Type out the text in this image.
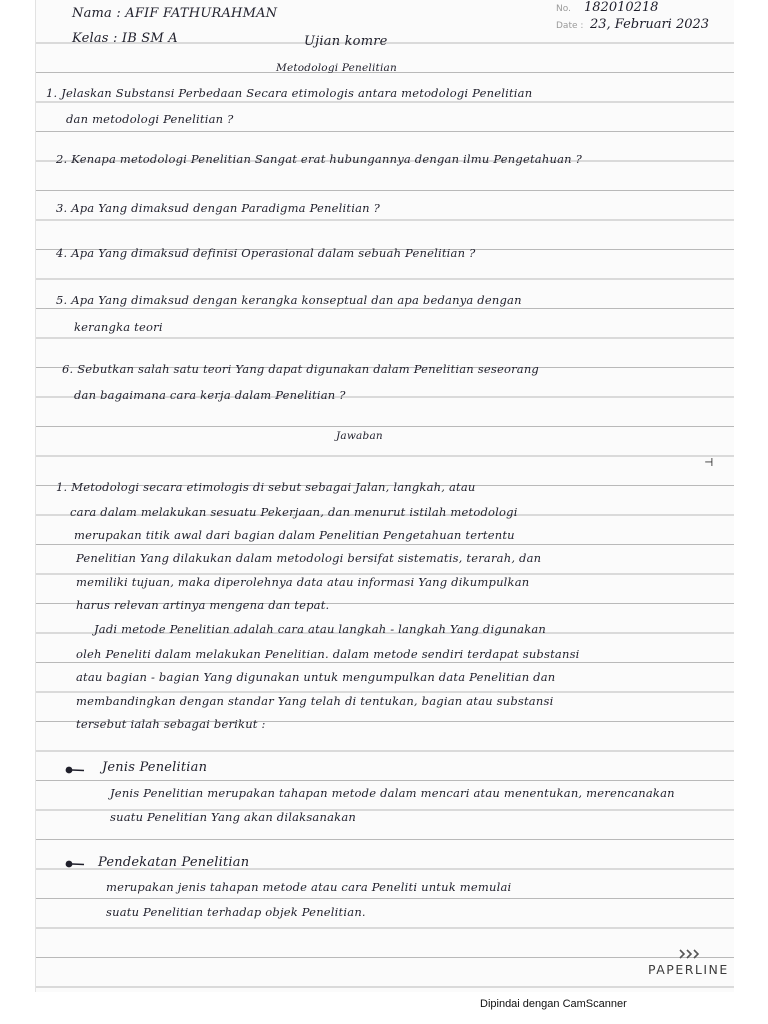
No. 182010218
Date : 23, Februari 2023

Nama : AFIF FATHURAHMAN

Kelas : IB SM A	Ujian komre

Metodologi Penelitian

1. Jelaskan Substansi Perbedaan Secara etimologis antara metodologi Penelitian

dan metodologi Penelitian ?

2. Kenapa metodologi Penelitian Sangat erat hubungannya dengan ilmu Pengetahuan ?

3. Apa Yang dimaksud dengan Paradigma Penelitian ?

4. Apa Yang dimaksud definisi Operasional dalam sebuah Penelitian ?

5. Apa Yang dimaksud dengan kerangka konseptual dan apa bedanya dengan

kerangka teori

6. Sebutkan salah satu teori Yang dapat digunakan dalam Penelitian seseorang

dan bagaimana cara kerja dalam Penelitian ?

Jawaban

⊣

1. Metodologi secara etimologis di sebut sebagai Jalan, langkah, atau

cara dalam melakukan sesuatu Pekerjaan, dan menurut istilah metodologi

merupakan titik awal dari bagian dalam Penelitian Pengetahuan tertentu

Penelitian Yang dilakukan dalam metodologi bersifat sistematis, terarah, dan

memiliki tujuan, maka diperolehnya data atau informasi Yang dikumpulkan

harus relevan artinya mengena dan tepat.

Jadi metode Penelitian adalah cara atau langkah - langkah Yang digunakan

oleh Peneliti dalam melakukan Penelitian. dalam metode sendiri terdapat substansi

atau bagian - bagian Yang digunakan untuk mengumpulkan data Penelitian dan

membandingkan dengan standar Yang telah di tentukan, bagian atau substansi

tersebut ialah sebagai berikut :

Jenis Penelitian

Jenis Penelitian merupakan tahapan metode dalam mencari atau menentukan, merencanakan

suatu Penelitian Yang akan dilaksanakan

Pendekatan Penelitian

merupakan jenis tahapan metode atau cara Peneliti untuk memulai

suatu Penelitian terhadap objek Penelitian.

PAPERLINE
Dipindai dengan CamScanner
